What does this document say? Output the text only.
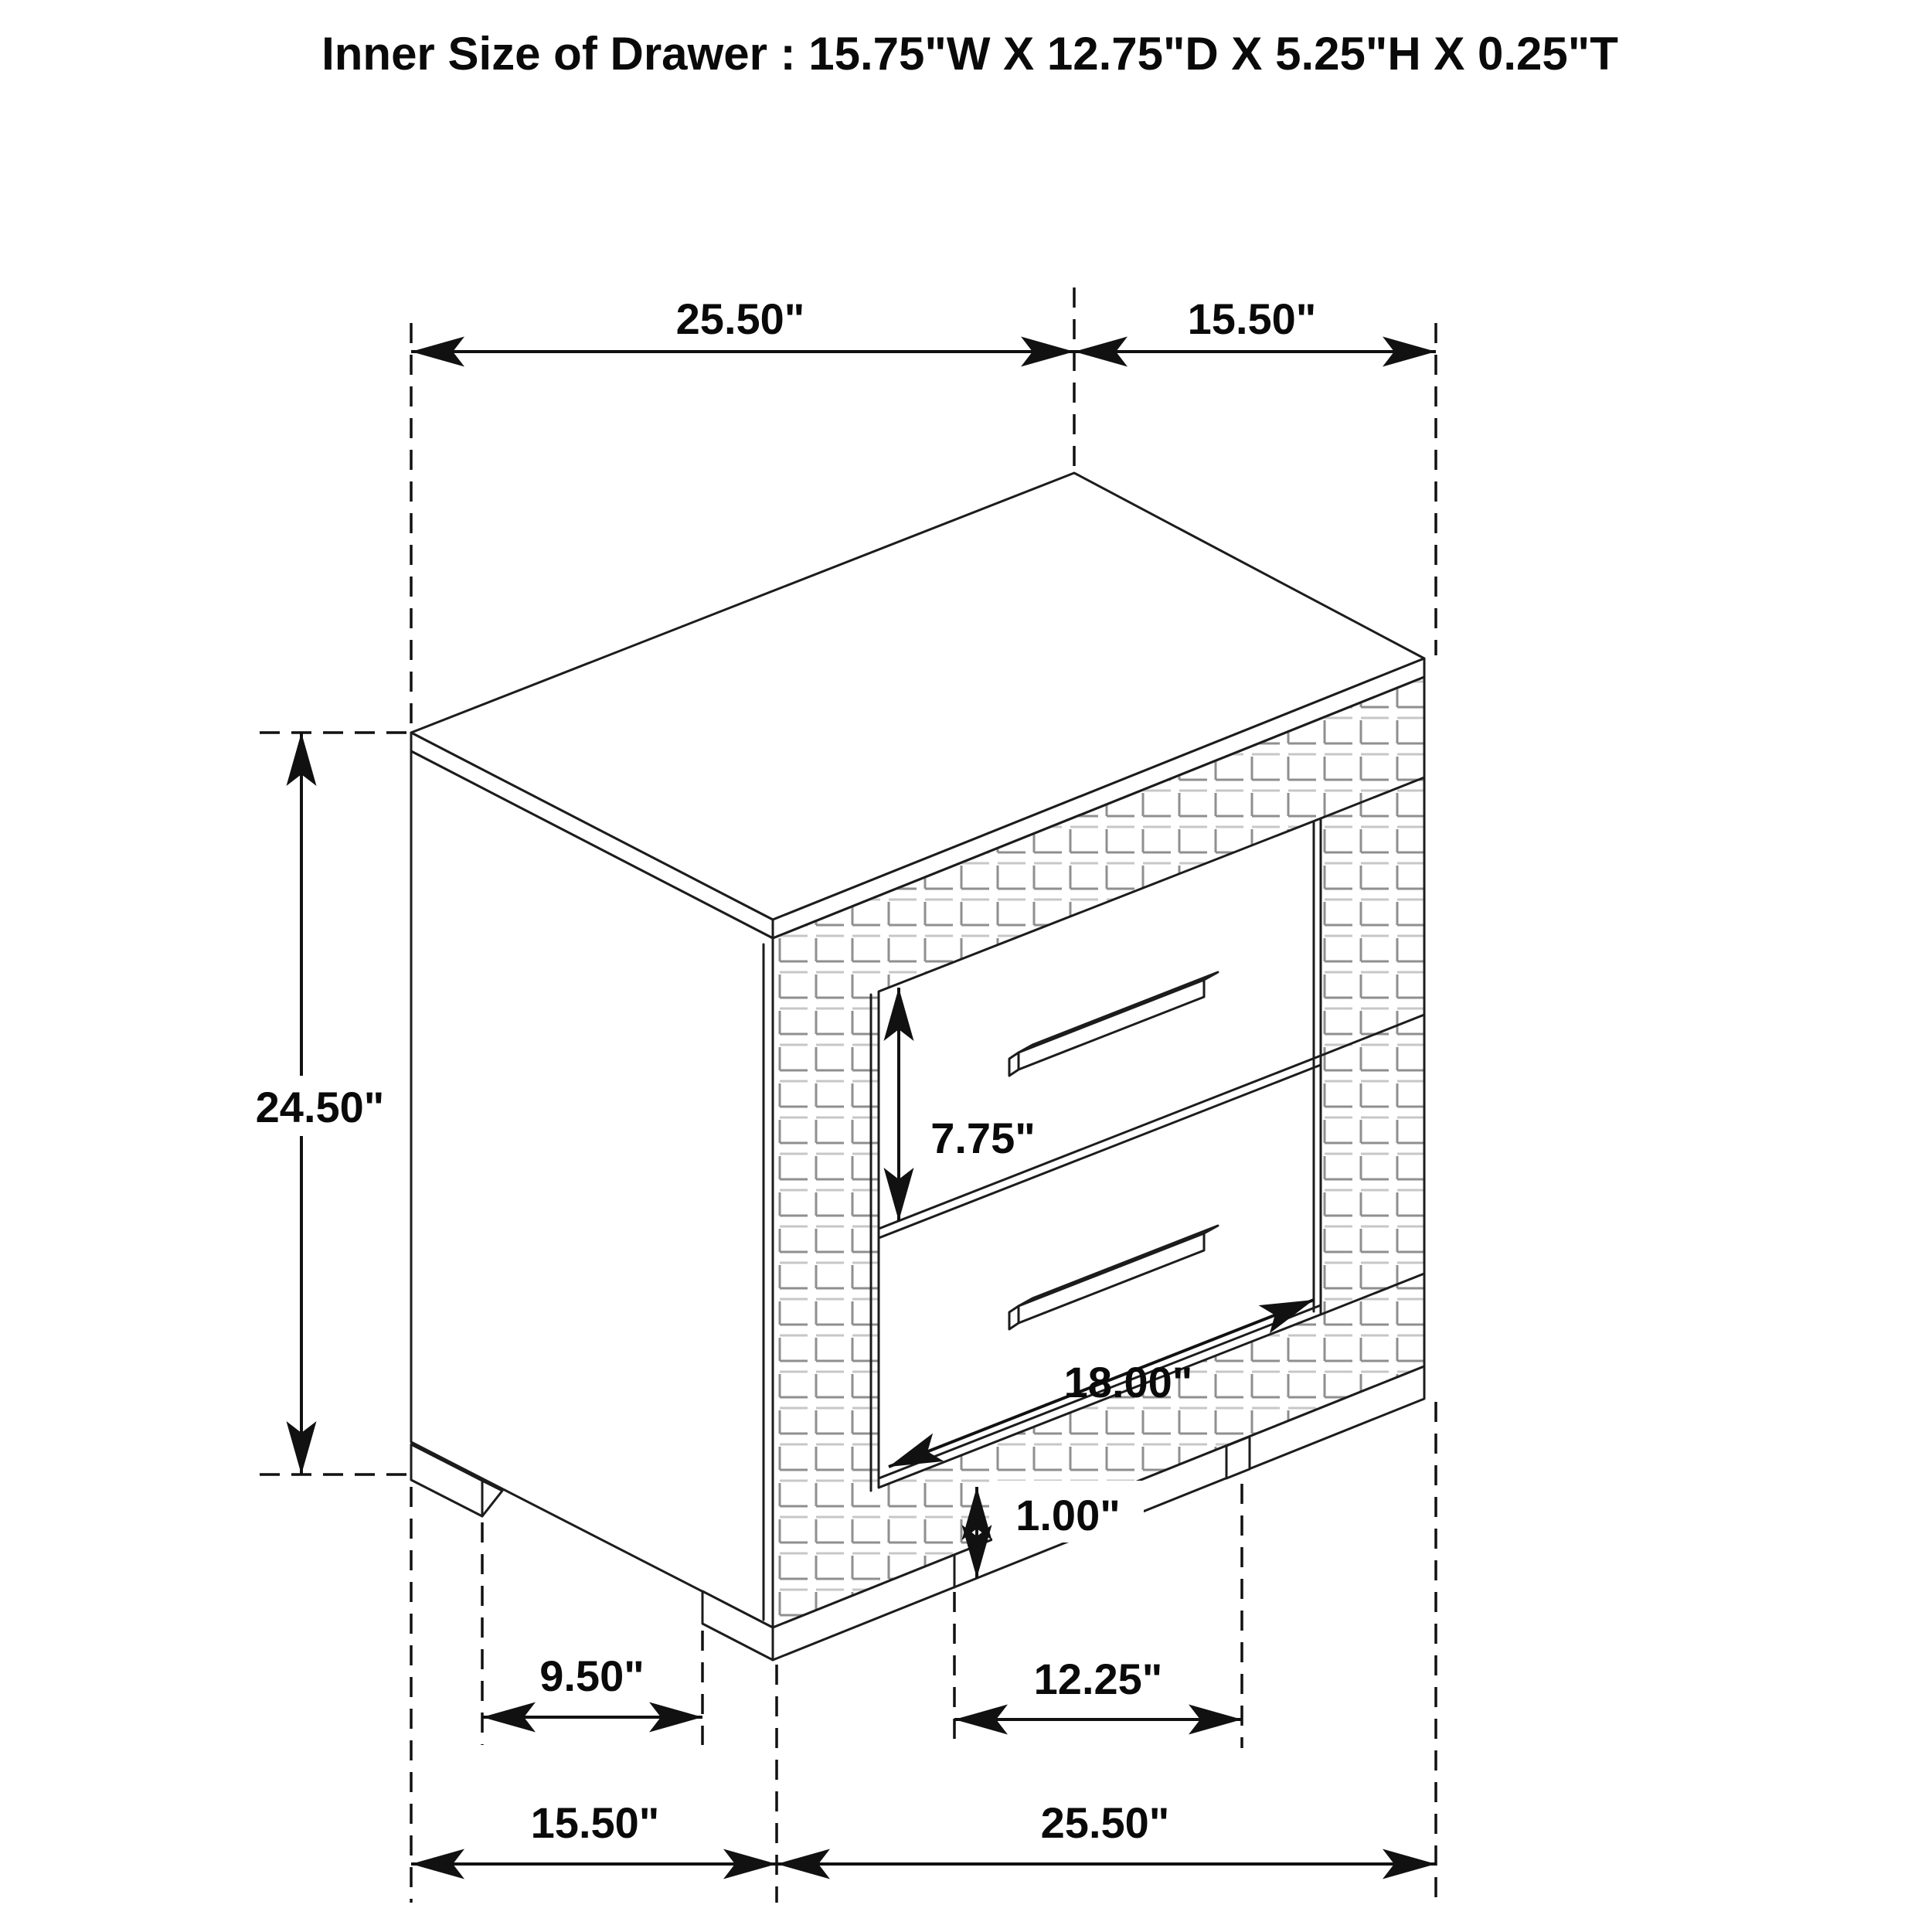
Inner Size of Drawer : 15.75"W X 12.75"D X 5.25"H X 0.25"T
25.50"	15.50"
24.50"
7.75"
18.00"
1.00"
9.50"	12.25"
15.50"	25.50"
